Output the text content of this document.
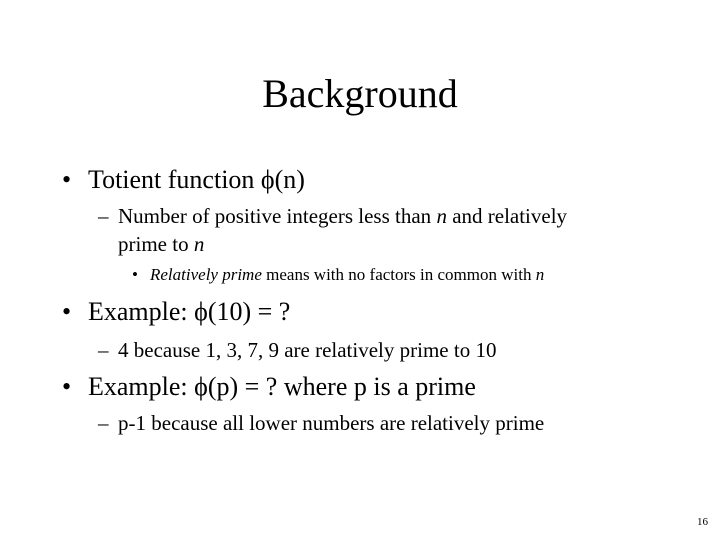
Background
• Totient function ϕ(n)
– Number of positive integers less than n and relatively
prime to n
• Relatively prime means with no factors in common with n
• Example: ϕ(10) = ?
– 4 because 1, 3, 7, 9 are relatively prime to 10
• Example: ϕ(p) = ? where p is a prime
– p-1 because all lower numbers are relatively prime
16
